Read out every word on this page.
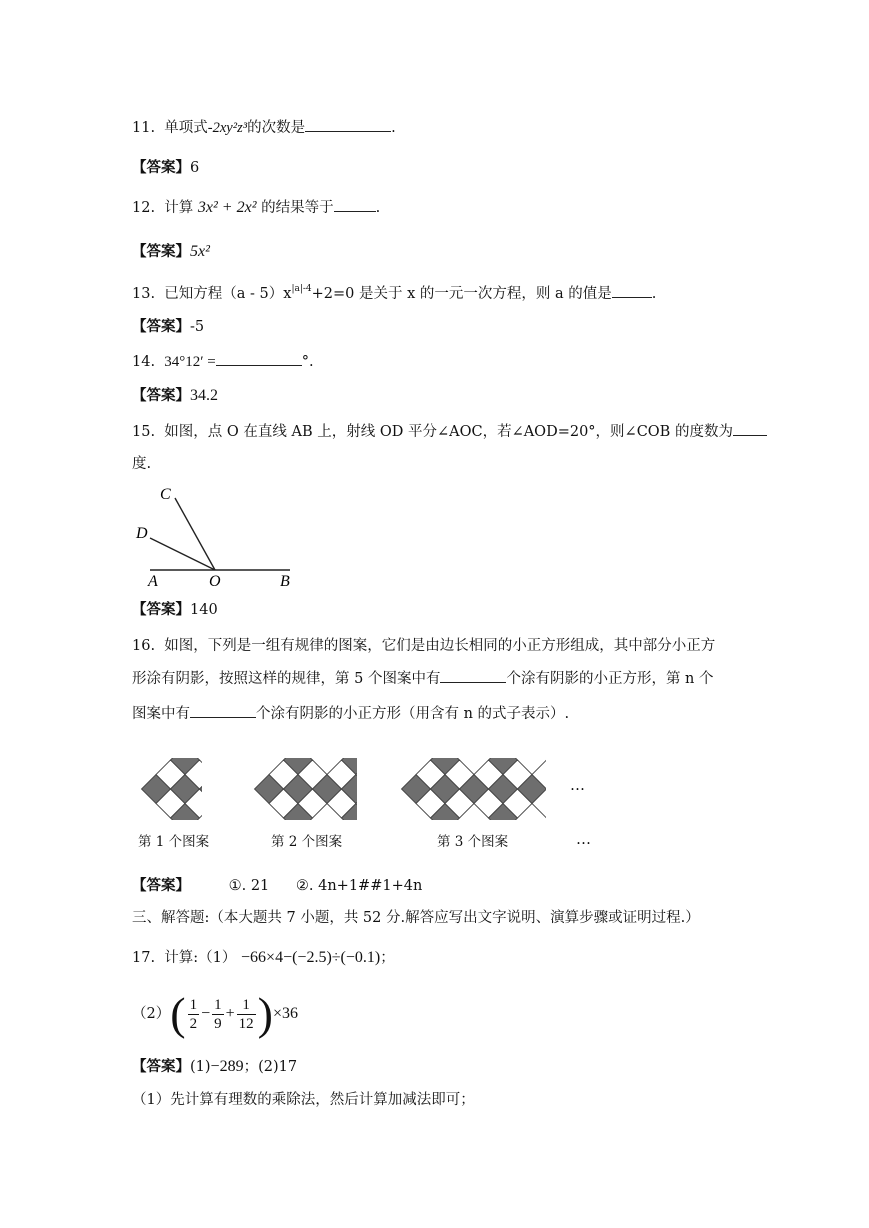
11. 单项式-2xy²z³的次数是	.
【答案】6
12. 计算 3x² + 2x² 的结果等于	.
【答案】5x²
13. 已知方程$(a - 5)x^{|a|-4}+2=0$ 是关于 x 的一元一次方程，则 a 的值是	.
【答案】-5
14. 34°12′ =	°.
【答案】34.2
15. 如图，点 O 在直线 AB 上，射线 OD 平分∠AOC，若∠AOD=20°，则∠COB 的度数为
度.
C
D
A	O	B
【答案】140
16. 如图，下列是一组有规律的图案，它们是由边长相同的小正方形组成，其中部分小正方
形涂有阴影，按照这样的规律，第 5 个图案中有	个涂有阴影的小正方形，第 n 个
图案中有	个涂有阴影的小正方形（用含有 n 的式子表示）.
…
第 1 个图案	第 2 个图案	第 3 个图案	…
【答案】	①. 21 ②. 4n+1##1+4n
三、解答题:（本大题共 7 小题，共 52 分.解答应写出文字说明、演算步骤或证明过程.）
17. 计算:（1） −66×4−(−2.5)÷(−0.1)；
$(2)( \frac{1}{2} - \frac{1}{9} + \frac{1}{12} )\times 36$
【答案】(1)−289；(2)17
（1）先计算有理数的乘除法，然后计算加减法即可；
